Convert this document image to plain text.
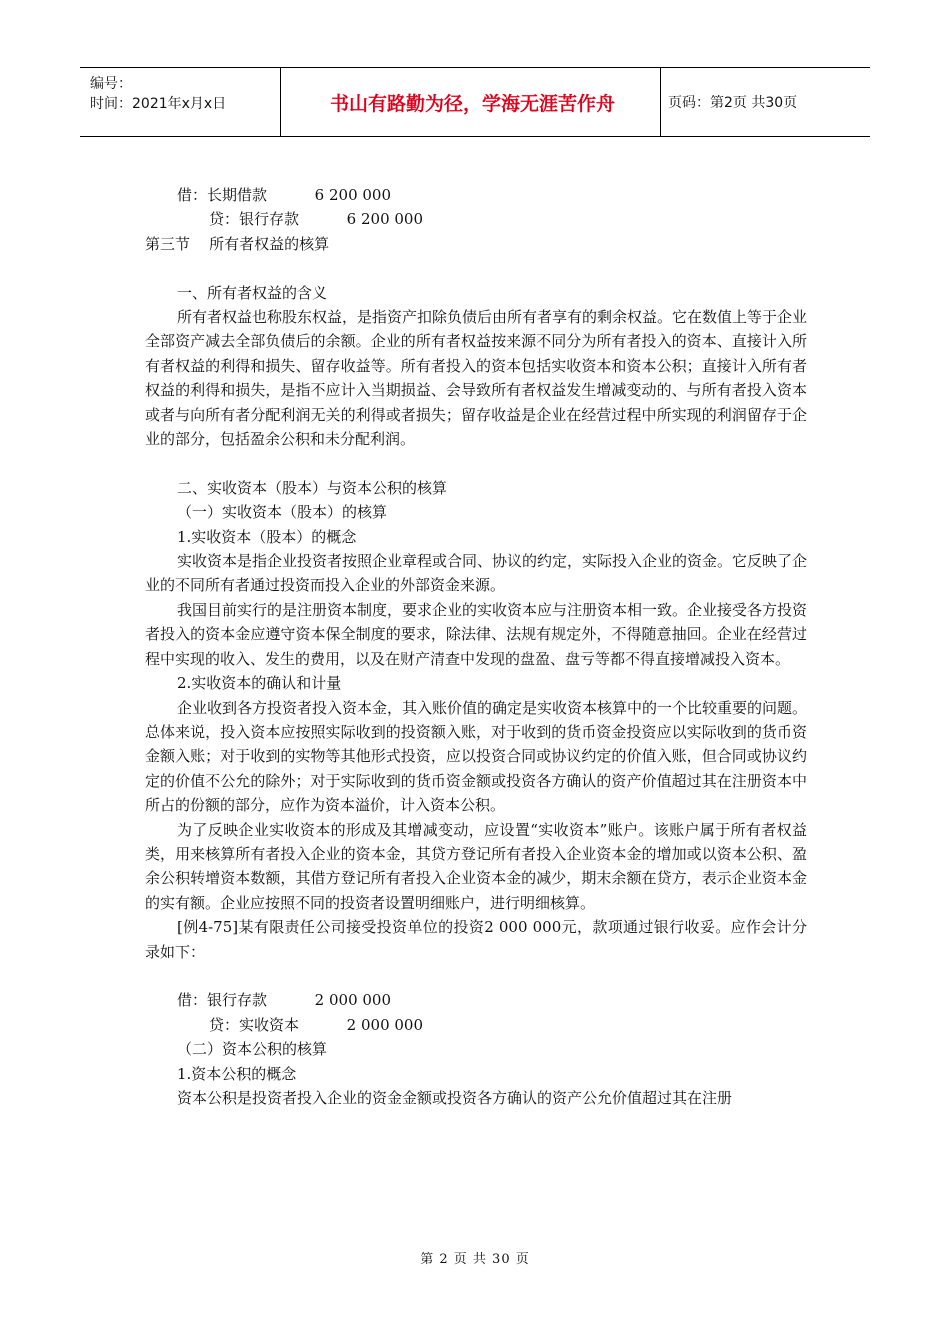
编号：
时间：2021年x月x日	书山有路勤为径，学海无涯苦作舟	页码：第2页 共30页

借：长期借款          6 200 000

贷：银行存款          6 200 000

第三节    所有者权益的核算

一、所有者权益的含义

所有者权益也称股东权益，是指资产扣除负债后由所有者享有的剩余权益。它在数值上等于企业全部资产减去全部负债后的余额。企业的所有者权益按来源不同分为所有者投入的资本、直接计入所有者权益的利得和损失、留存收益等。所有者投入的资本包括实收资本和资本公积；直接计入所有者权益的利得和损失，是指不应计入当期损益、会导致所有者权益发生增减变动的、与所有者投入资本或者与向所有者分配利润无关的利得或者损失；留存收益是企业在经营过程中所实现的利润留存于企业的部分，包括盈余公积和未分配利润。

二、实收资本（股本）与资本公积的核算

（一）实收资本（股本）的核算

1.实收资本（股本）的概念

实收资本是指企业投资者按照企业章程或合同、协议的约定，实际投入企业的资金。它反映了企业的不同所有者通过投资而投入企业的外部资金来源。

我国目前实行的是注册资本制度，要求企业的实收资本应与注册资本相一致。企业接受各方投资者投入的资本金应遵守资本保全制度的要求，除法律、法规有规定外，不得随意抽回。企业在经营过程中实现的收入、发生的费用，以及在财产清查中发现的盘盈、盘亏等都不得直接增减投入资本。

2.实收资本的确认和计量

企业收到各方投资者投入资本金，其入账价值的确定是实收资本核算中的一个比较重要的问题。总体来说，投入资本应按照实际收到的投资额入账，对于收到的货币资金投资应以实际收到的货币资金额入账；对于收到的实物等其他形式投资，应以投资合同或协议约定的价值入账，但合同或协议约定的价值不公允的除外；对于实际收到的货币资金额或投资各方确认的资产价值超过其在注册资本中所占的份额的部分，应作为资本溢价，计入资本公积。

为了反映企业实收资本的形成及其增减变动，应设置“实收资本”账户。该账户属于所有者权益类，用来核算所有者投入企业的资本金，其贷方登记所有者投入企业资本金的增加或以资本公积、盈余公积转增资本数额，其借方登记所有者投入企业资本金的减少，期末余额在贷方，表示企业资本金的实有额。企业应按照不同的投资者设置明细账户，进行明细核算。

[例4-75]某有限责任公司接受投资单位的投资2 000 000元，款项通过银行收妥。应作会计分录如下：

借：银行存款          2 000 000

贷：实收资本          2 000 000

（二）资本公积的核算

1.资本公积的概念

资本公积是投资者投入企业的资金金额或投资各方确认的资产公允价值超过其在注册

第 2 页 共 30 页
